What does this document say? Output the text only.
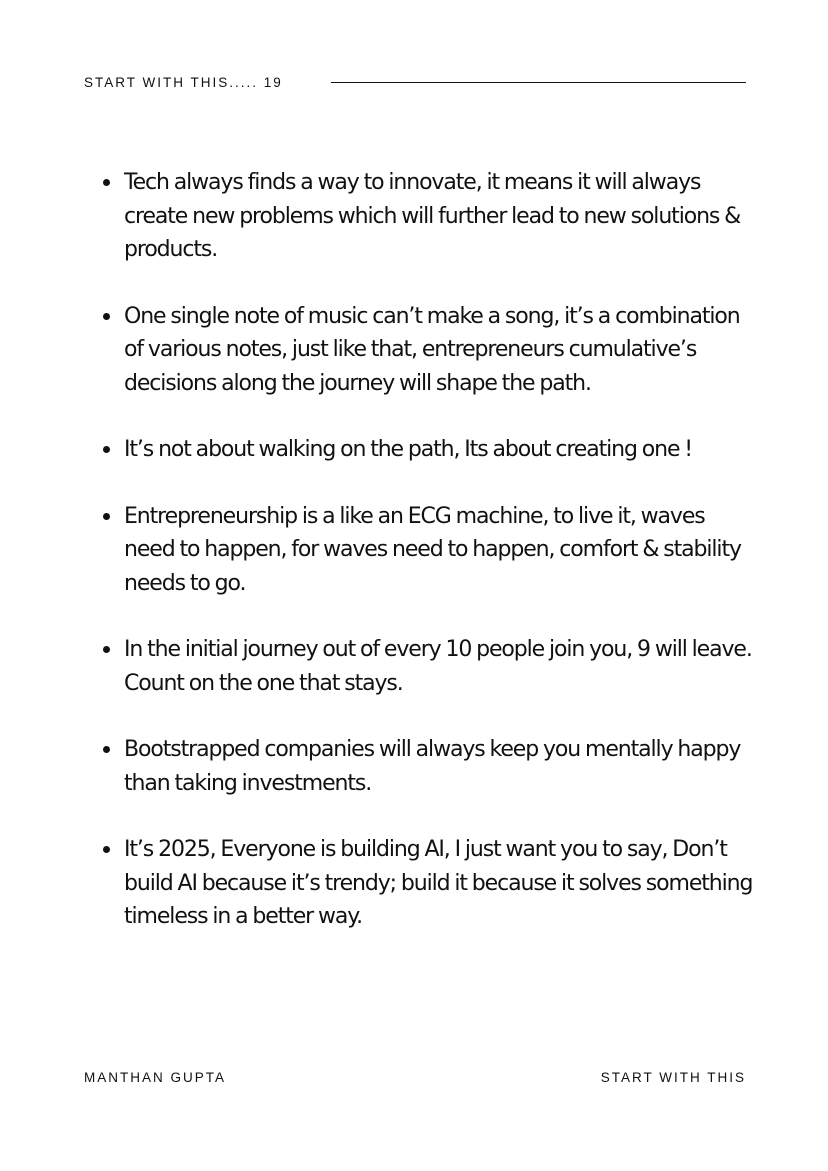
START WITH THIS..... 19
Tech always finds a way to innovate, it means it will always create new problems which will further lead to new solutions & products.
One single note of music can’t make a song, it’s a combination of various notes, just like that, entrepreneurs cumulative’s decisions along the journey will shape the path.
It’s not about walking on the path, Its about creating one !
Entrepreneurship is a like an ECG machine, to live it, waves need to happen, for waves need to happen, comfort & stability needs to go.
In the initial journey out of every 10 people join you, 9 will leave. Count on the one that stays.
Bootstrapped companies will always keep you mentally happy than taking investments.
It’s 2025, Everyone is building AI, I just want you to say, Don’t build AI because it’s trendy; build it because it solves something timeless in a better way.
MANTHAN GUPTA	START WITH THIS
